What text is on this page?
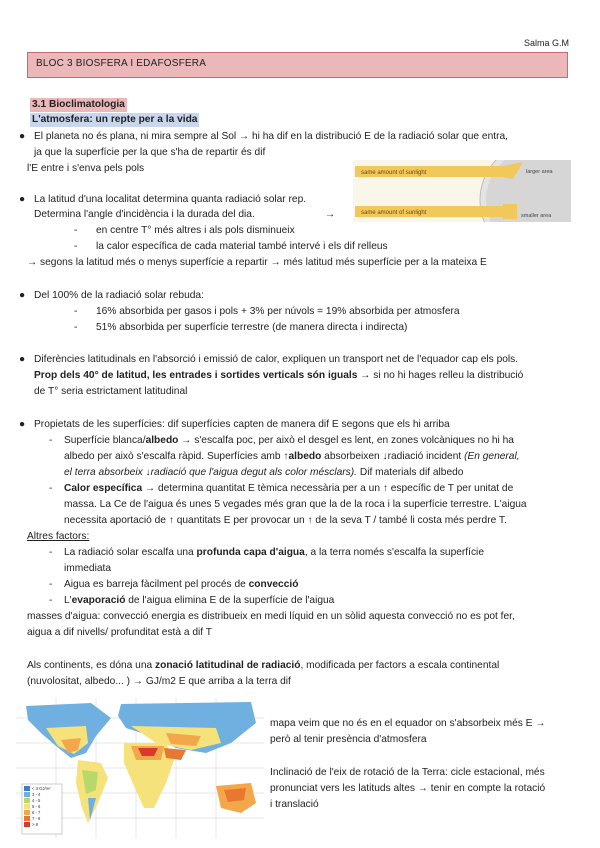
Salma G.M
BLOC 3 BIOSFERA I EDAFOSFERA
3.1 Bioclimatologia
L'atmosfera: un repte per a la vida
● El planeta no és plana, ni mira sempre al Sol → hi ha dif en la distribució E de la radiació solar que entra,
ja que la superfície per la que s'ha de repartir és dif
l'E entre i s'enva pels pols	same amount of sunlight
same amount of sunlight
larger area
smaller area
● La latitud d'una localitat determina quanta radiació solar rep.
Determina l'angle d'incidència i la durada del dia.	→
- en centre T° més altres i als pols disminueix
- la calor específica de cada material també intervé i els dif relleus
→ segons la latitud més o menys superfície a repartir → més latitud més superfície per a la mateixa E
● Del 100% de la radiació solar rebuda:
- 16% absorbida per gasos i pols + 3% per núvols = 19% absorbida per atmosfera
- 51% absorbida per superfície terrestre (de manera directa i indirecta)
● Diferències latitudinals en l'absorció i emissió de calor, expliquen un transport net de l'equador cap els pols.
Prop dels 40° de latitud, les entrades i sortides verticals són iguals → si no hi hages relleu la distribució
de T° seria estrictament latitudinal
● Propietats de les superfícies: dif superfícies capten de manera dif E segons que els hi arriba
- Superfície blanca/albedo → s'escalfa poc, per això el desgel es lent, en zones volcàniques no hi ha
albedo per això s'escalfa ràpid. Superfícies amb ↑albedo absorbeixen ↓radiació incident (En general,
el terra absorbeix ↓radiació que l'aigua degut als color mésclars). Dif materials dif albedo
- Calor específica → determina quantitat E tèmica necessària per a un ↑ específic de T per unitat de
massa. La Ce de l'aigua és unes 5 vegades més gran que la de la roca i la superfície terrestre. L'aigua
necessita aportació de ↑ quantitats E per provocar un ↑ de la seva T / també li costa més perdre T.
Altres factors:
- La radiació solar escalfa una profunda capa d'aigua, a la terra només s'escalfa la superfície
immediata
- Aigua es barreja fàcilment pel procés de convecció
- L'evaporació de l'aigua elimina E de la superfície de l'aigua
masses d'aigua: convecció energia es distribueix en medi líquid en un sòlid aquesta convecció no es pot fer,
aigua a dif nivells/ profunditat està a dif T
Als continents, es dóna una zonació latitudinal de radiació, modificada per factors a escala continental
(nuvolositat, albedo... ) → GJ/m2 E que arriba a la terra dif
< 3 GJ/m²
3 - 4
4 - 5
5 - 6
6 - 7
7 - 8
> 8
mapa veim que no és en el equador on s'absorbeix més E →
però al tenir presència d'atmosfera
Inclinació de l'eix de rotació de la Terra: cicle estacional, més
pronunciat vers les latituds altes → tenir en compte la rotació
i translació
